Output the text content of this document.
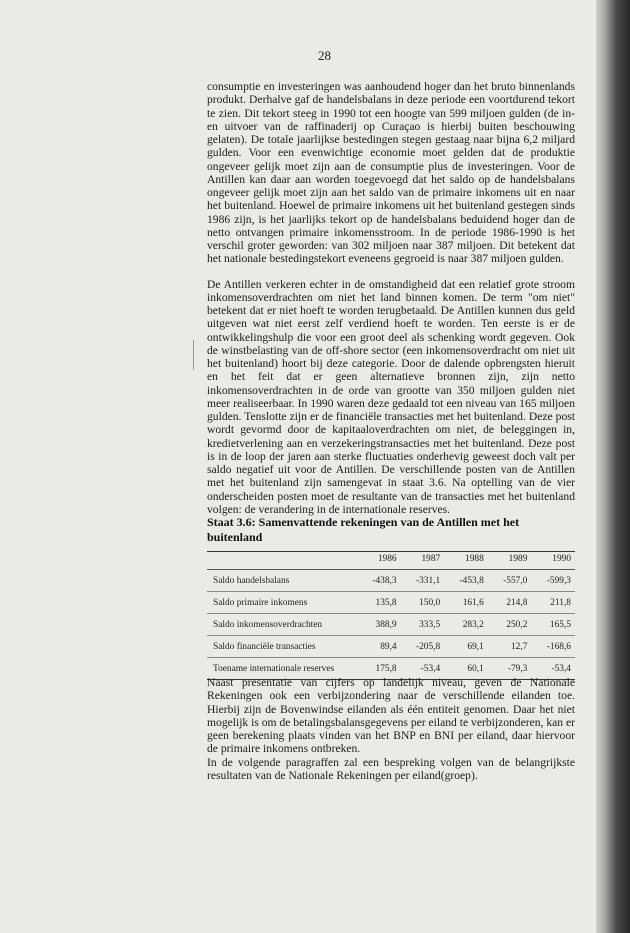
28

consumptie en investeringen was aanhoudend hoger dan het bruto binnenlands produkt. Derhalve gaf de handelsbalans in deze periode een voortdurend tekort te zien. Dit tekort steeg in 1990 tot een hoogte van 599 miljoen gulden (de in- en uitvoer van de raffinaderij op Curaçao is hierbij buiten beschouwing gelaten). De totale jaarlijkse bestedingen stegen gestaag naar bijna 6,2 miljard gulden. Voor een evenwichtige economie moet gelden dat de produktie ongeveer gelijk moet zijn aan de consumptie plus de investeringen. Voor de Antillen kan daar aan worden toegevoegd dat het saldo op de handelsbalans ongeveer gelijk moet zijn aan het saldo van de primaire inkomens uit en naar het buitenland. Hoewel de primaire inkomens uit het buitenland gestegen sinds 1986 zijn, is het jaarlijks tekort op de handelsbalans beduidend hoger dan de netto ontvangen primaire inkomensstroom. In de periode 1986-1990 is het verschil groter geworden: van 302 miljoen naar 387 miljoen. Dit betekent dat het nationale bestedingstekort eveneens gegroeid is naar 387 miljoen gulden.

De Antillen verkeren echter in de omstandigheid dat een relatief grote stroom inkomensoverdrachten om niet het land binnen komen. De term "om niet" betekent dat er niet hoeft te worden terugbetaald. De Antillen kunnen dus geld uitgeven wat niet eerst zelf verdiend hoeft te worden. Ten eerste is er de ontwikkelingshulp die voor een groot deel als schenking wordt gegeven. Ook de winstbelasting van de off-shore sector (een inkomensoverdracht om niet uit het buitenland) hoort bij deze categorie. Door de dalende opbrengsten hieruit en het feit dat er geen alternatieve bronnen zijn, zijn netto inkomensoverdrachten in de orde van grootte van 350 miljoen gulden niet meer realiseerbaar. In 1990 waren deze gedaald tot een niveau van 165 miljoen gulden. Tenslotte zijn er de financiële transacties met het buitenland. Deze post wordt gevormd door de kapitaaloverdrachten om niet, de beleggingen in, kredietverlening aan en verzekeringstransacties met het buitenland. Deze post is in de loop der jaren aan sterke fluctuaties onderhevig geweest doch valt per saldo negatief uit voor de Antillen. De verschillende posten van de Antillen met het buitenland zijn samengevat in staat 3.6. Na optelling van de vier onderscheiden posten moet de resultante van de transacties met het buitenland volgen: de verandering in de internationale reserves.

Staat 3.6: Samenvattende rekeningen van de Antillen met het buitenland
	1986	1987	1988	1989	1990
Saldo handelsbalans	-438,3	-331,1	-453,8	-557,0	-599,3
Saldo primaire inkomens	135,8	150,0	161,6	214,8	211,8
Saldo inkomensoverdrachten	388,9	333,5	283,2	250,2	165,5
Saldo financiële transacties	89,4	-205,8	69,1	12,7	-168,6
Toename internationale reserves	175,8	-53,4	60,1	-79,3	-53,4

Naast presentatie van cijfers op landelijk niveau, geven de Nationale Rekeningen ook een verbijzondering naar de verschillende eilanden toe. Hierbij zijn de Bovenwindse eilanden als één entiteit genomen. Daar het niet mogelijk is om de betalingsbalansgegevens per eiland te verbijzonderen, kan er geen berekening plaats vinden van het BNP en BNI per eiland, daar hiervoor de primaire inkomens ontbreken.

In de volgende paragraffen zal een bespreking volgen van de belangrijkste resultaten van de Nationale Rekeningen per eiland(groep).
